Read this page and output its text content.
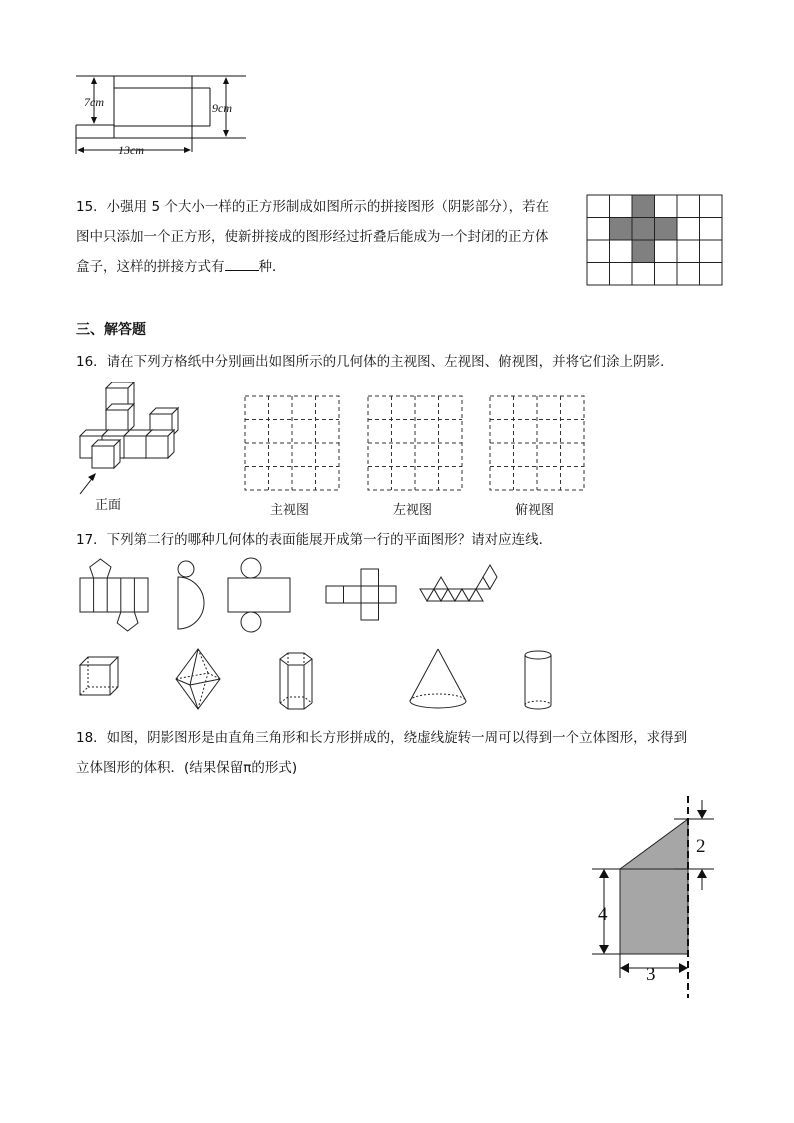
7cm	9cm
13cm
15．小强用 5 个大小一样的正方形制成如图所示的拼接图形（阴影部分），若在
图中只添加一个正方形，使新拼接成的图形经过折叠后能成为一个封闭的正方体
盒子，这样的拼接方式有	种．
三、解答题
16．请在下列方格纸中分别画出如图所示的几何体的主视图、左视图、俯视图，并将它们涂上阴影．
正面	主视图	左视图	俯视图
17．下列第二行的哪种几何体的表面能展开成第一行的平面图形？请对应连线．
18．如图，阴影图形是由直角三角形和长方形拼成的，绕虚线旋转一周可以得到一个立体图形，求得到
立体图形的体积．(结果保留π的形式)
2
4
3
